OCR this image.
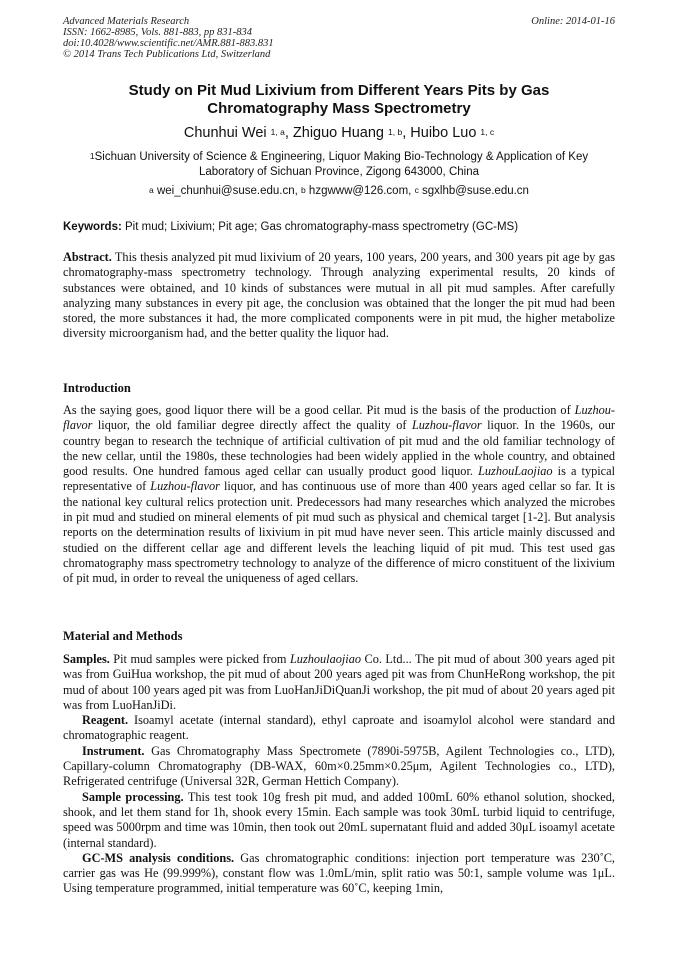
Advanced Materials Research
ISSN: 1662-8985, Vols. 881-883, pp 831-834
doi:10.4028/www.scientific.net/AMR.881-883.831
© 2014 Trans Tech Publications Ltd, Switzerland
Online: 2014-01-16
Study on Pit Mud Lixivium from Different Years Pits by Gas
Chromatography Mass Spectrometry
Chunhui Wei $^{1, a}$, Zhiguo Huang $^{1, b}$, Huibo Luo $^{1, c}$
$^1$Sichuan University of Science & Engineering, Liquor Making Bio-Technology & Application of Key
Laboratory of Sichuan Province, Zigong 643000, China
$^a$ wei_chunhui@suse.edu.cn, $^b$ hzgwww@126.com, $^c$ sgxlhb@suse.edu.cn
Keywords: Pit mud; Lixivium; Pit age; Gas chromatography-mass spectrometry (GC-MS)
Abstract. This thesis analyzed pit mud lixivium of 20 years, 100 years, 200 years, and 300 years pit age by gas chromatography-mass spectrometry technology. Through analyzing experimental results, 20 kinds of substances were obtained, and 10 kinds of substances were mutual in all pit mud samples. After carefully analyzing many substances in every pit age, the conclusion was obtained that the longer the pit mud had been stored, the more substances it had, the more complicated components were in pit mud, the higher metabolize diversity microorganism had, and the better quality the liquor had.
Introduction
As the saying goes, good liquor there will be a good cellar. Pit mud is the basis of the production of Luzhou-flavor liquor, the old familiar degree directly affect the quality of Luzhou-flavor liquor. In the 1960s, our country began to research the technique of artificial cultivation of pit mud and the old familiar technology of the new cellar, until the 1980s, these technologies had been widely applied in the whole country, and obtained good results. One hundred famous aged cellar can usually product good liquor. LuzhouLaojiao is a typical representative of Luzhou-flavor liquor, and has continuous use of more than 400 years aged cellar so far. It is the national key cultural relics protection unit. Predecessors had many researches which analyzed the microbes in pit mud and studied on mineral elements of pit mud such as physical and chemical target [1-2]. But analysis reports on the determination results of lixivium in pit mud have never seen. This article mainly discussed and studied on the different cellar age and different levels the leaching liquid of pit mud. This test used gas chromatography mass spectrometry technology to analyze of the difference of micro constituent of the lixivium of pit mud, in order to reveal the uniqueness of aged cellars.
Material and Methods

Samples. Pit mud samples were picked from Luzhoulaojiao Co. Ltd... The pit mud of about 300 years aged pit was from GuiHua workshop, the pit mud of about 200 years aged pit was from ChunHeRong workshop, the pit mud of about 100 years aged pit was from LuoHanJiDiQuanJi workshop, the pit mud of about 20 years aged pit was from LuoHanJiDi.

Reagent. Isoamyl acetate (internal standard), ethyl caproate and isoamylol alcohol were standard and chromatographic reagent.

Instrument. Gas Chromatography Mass Spectromete (7890i-5975B, Agilent Technologies co., LTD), Capillary-column Chromatography (DB-WAX, 60m×0.25mm×0.25μm, Agilent Technologies co., LTD), Refrigerated centrifuge (Universal 32R, German Hettich Company).

Sample processing. This test took 10g fresh pit mud, and added 100mL 60% ethanol solution, shocked, shook, and let them stand for 1h, shook every 15min. Each sample was took 30mL turbid liquid to centrifuge, speed was 5000rpm and time was 10min, then took out 20mL supernatant fluid and added 30μL isoamyl acetate (internal standard).

GC-MS analysis conditions. Gas chromatographic conditions: injection port temperature was 230˚C, carrier gas was He (99.999%), constant flow was 1.0mL/min, split ratio was 50:1, sample volume was 1μL. Using temperature programmed, initial temperature was 60˚C, keeping 1min,
